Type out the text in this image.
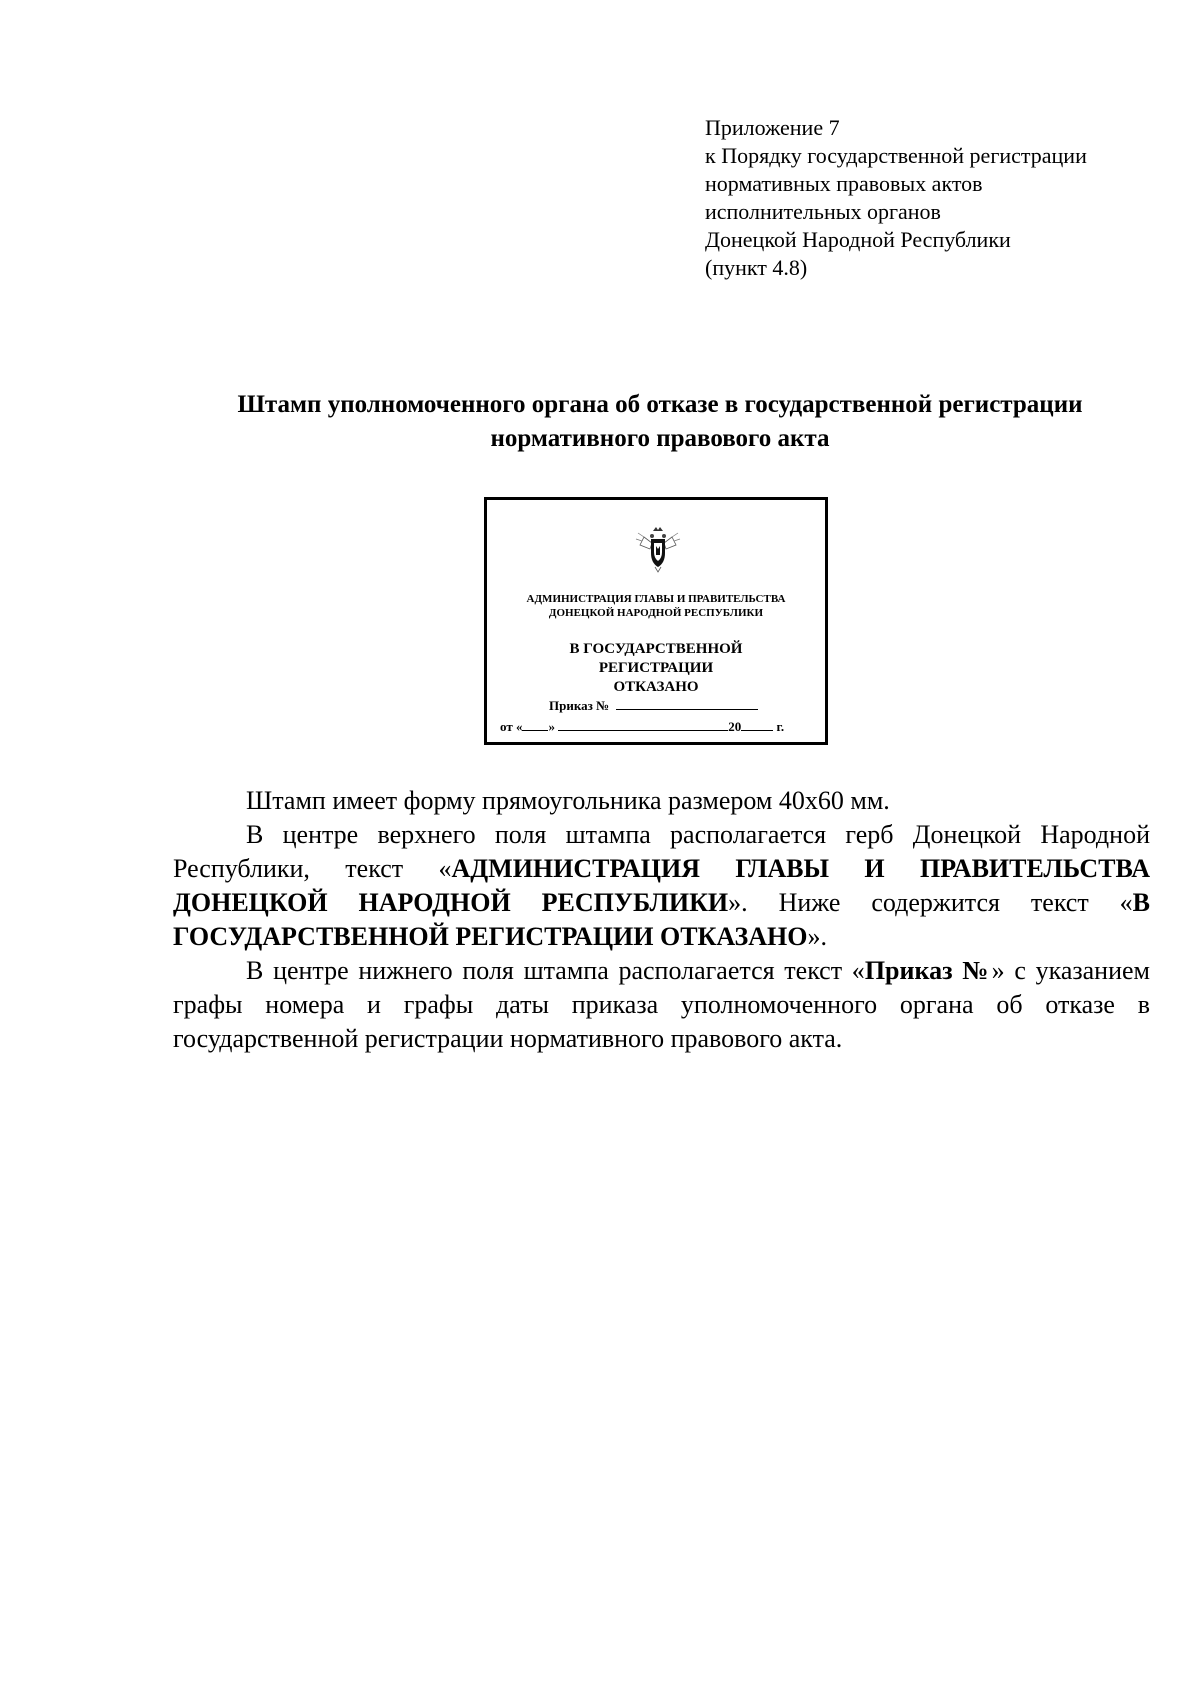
Приложение 7
к Порядку государственной регистрации
нормативных правовых актов
исполнительных органов
Донецкой Народной Республики
(пункт 4.8)
Штамп уполномоченного органа об отказе в государственной регистрации
нормативного правового акта
АДМИНИСТРАЦИЯ ГЛАВЫ И ПРАВИТЕЛЬСТВА
ДОНЕЦКОЙ НАРОДНОЙ РЕСПУБЛИКИ
В ГОСУДАРСТВЕННОЙ
РЕГИСТРАЦИИ
ОТКАЗАНО
Приказ №
от « »	20	г.

Штамп имеет форму прямоугольника размером 40х60 мм.

В центре верхнего поля штампа располагается герб Донецкой Народной Республики, текст «АДМИНИСТРАЦИЯ ГЛАВЫ И ПРАВИТЕЛЬСТВА ДОНЕЦКОЙ НАРОДНОЙ РЕСПУБЛИКИ». Ниже содержится текст «В ГОСУДАРСТВЕННОЙ РЕГИСТРАЦИИ ОТКАЗАНО».

В центре нижнего поля штампа располагается текст «Приказ №» с указанием графы номера и графы даты приказа уполномоченного органа об отказе в государственной регистрации нормативного правового акта.
